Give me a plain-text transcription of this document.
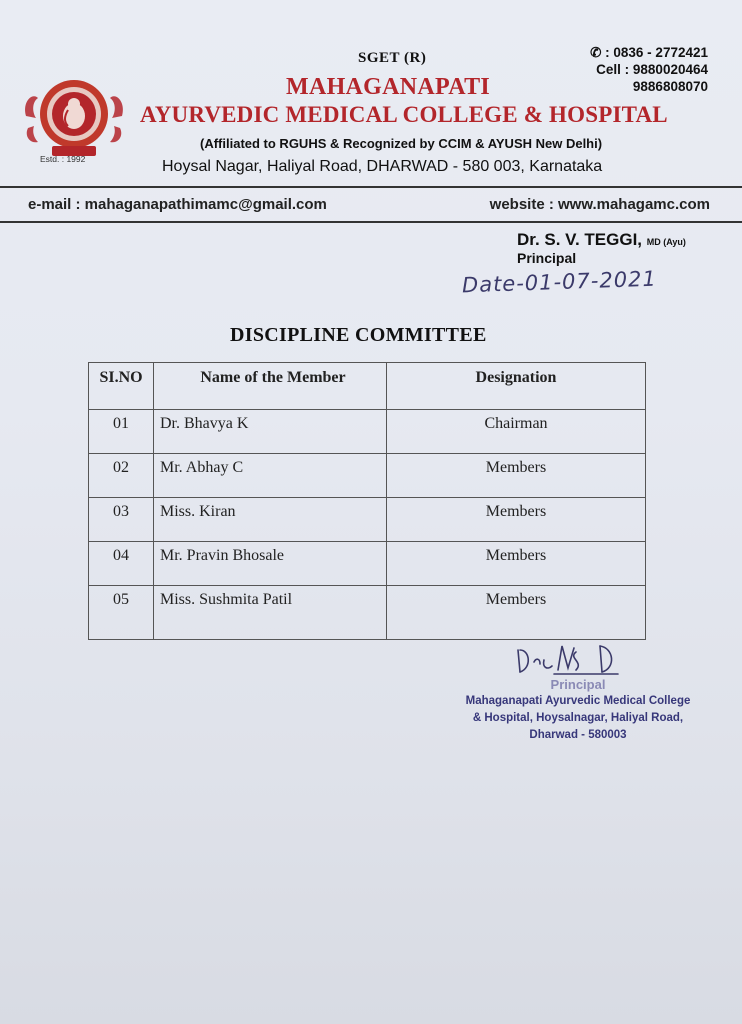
SGET (R)	✆ : 0836 - 2772421
Cell : 9880020464
9886808070
Estd. : 1992
MAHAGANAPATI
AYURVEDIC MEDICAL COLLEGE & HOSPITAL
(Affiliated to RGUHS & Recognized by CCIM & AYUSH New Delhi)
Hoysal Nagar, Haliyal Road, DHARWAD - 580 003, Karnataka
e-mail : mahaganapathimamc@gmail.com	website : www.mahagamc.com
Dr. S. V. TEGGI, MD (Ayu)
Principal
Date-01-07-2021
DISCIPLINE COMMITTEE
SI.NO	Name of the Member	Designation
01	Dr. Bhavya K	Chairman
02	Mr. Abhay C	Members
03	Miss. Kiran	Members
04	Mr. Pravin Bhosale	Members
05	Miss. Sushmita Patil	Members
Principal
Mahaganapati Ayurvedic Medical College
& Hospital, Hoysalnagar, Haliyal Road,
Dharwad - 580003
